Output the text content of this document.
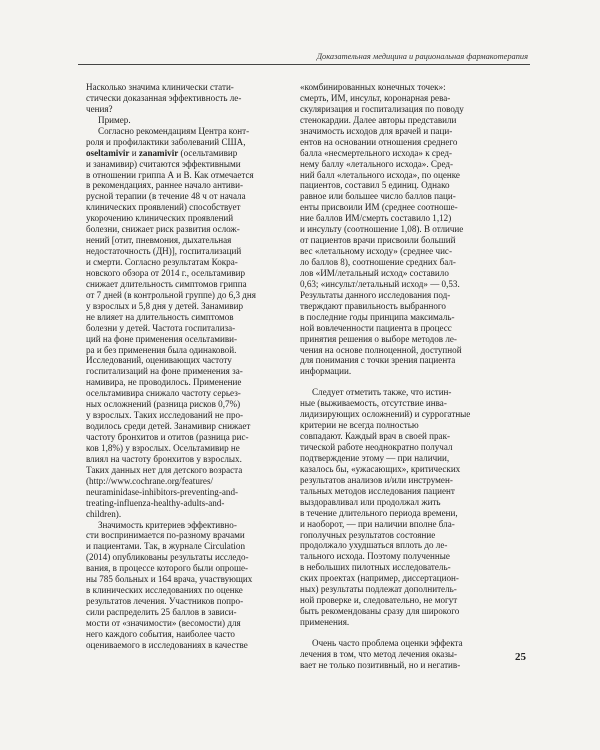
Доказательная медицина и рациональная фармакотерапия
Насколько значима клинически стати-
стически доказанная эффективность ле-
чения?
Пример.
Согласно рекомендациям Центра конт-
роля и профилактики заболеваний США,
oseltamivir и zanamivir (осельтамивир
и занамивир) считаются эффективными
в отношении гриппа А и В. Как отмечается
в рекомендациях, раннее начало антиви-
русной терапии (в течение 48 ч от начала
клинических проявлений) способствует
укорочению клинических проявлений
болезни, снижает риск развития ослож-
нений [отит, пневмония, дыхательная
недостаточность (ДН)], госпитализаций
и смерти. Согласно результатам Кокра-
новского обзора от 2014 г., осельтамивир
снижает длительность симптомов гриппа
от 7 дней (в контрольной группе) до 6,3 дня
у взрослых и 5,8 дня у детей. Занамивир
не влияет на длительность симптомов
болезни у детей. Частота госпитализа-
ций на фоне применения осельтамиви-
ра и без применения была одинаковой.
Исследований, оценивающих частоту
госпитализаций на фоне применения за-
намивира, не проводилось. Применение
осельтамивира снижало частоту серьез-
ных осложнений (разница рисков 0,7%)
у взрослых. Таких исследований не про-
водилось среди детей. Занамивир снижает
частоту бронхитов и отитов (разница рис-
ков 1,8%) у взрослых. Осельтамивир не
влиял на частоту бронхитов у взрослых.
Таких данных нет для детского возраста
(http://www.cochrane.org/features/
neuraminidase-inhibitors-preventing-and-
treating-influenza-healthy-adults-and-
children).
Значимость критериев эффективно-
сти воспринимается по-разному врачами
и пациентами. Так, в журнале Circulation
(2014) опубликованы результаты исследо-
вания, в процессе которого были опроше-
ны 785 больных и 164 врача, участвующих
в клинических исследованиях по оценке
результатов лечения. Участников попро-
сили распределить 25 баллов в зависи-
мости от «значимости» (весомости) для
него каждого события, наиболее часто
оцениваемого в исследованиях в качестве
«комбинированных конечных точек»:
смерть, ИМ, инсульт, коронарная рева-
скуляризация и госпитализация по поводу
стенокардии. Далее авторы представили
значимость исходов для врачей и паци-
ентов на основании отношения среднего
балла «несмертельного исхода» к сред-
нему баллу «летального исхода». Сред-
ний балл «летального исхода», по оценке
пациентов, составил 5 единиц. Однако
равное или большее число баллов паци-
енты присвоили ИМ (среднее соотноше-
ние баллов ИМ/смерть составило 1,12)
и инсульту (соотношение 1,08). В отличие
от пациентов врачи присвоили больший
вес «летальному исходу» (среднее чис-
ло баллов 8), соотношение средних бал-
лов «ИМ/летальный исход» составило
0,63; «инсульт/летальный исход» — 0,53.
Результаты данного исследования под-
тверждают правильность выбранного
в последние годы принципа максималь-
ной вовлеченности пациента в процесс
принятия решения о выборе методов ле-
чения на основе полноценной, доступной
для понимания с точки зрения пациента
информации.
Следует отметить также, что истин-
ные (выживаемость, отсутствие инва-
лидизирующих осложнений) и суррогатные
критерии не всегда полностью
совпадают. Каждый врач в своей прак-
тической работе неоднократно получал
подтверждение этому — при наличии,
казалось бы, «ужасающих», критических
результатов анализов и/или инструмен-
тальных методов исследования пациент
выздоравливал или продолжал жить
в течение длительного периода времени,
и наоборот, — при наличии вполне бла-
гополучных результатов состояние
продолжало ухудшаться вплоть до ле-
тального исхода. Поэтому полученные
в небольших пилотных исследователь-
ских проектах (например, диссертацион-
ных) результаты подлежат дополнитель-
ной проверке и, следовательно, не могут
быть рекомендованы сразу для широкого
применения.
Очень часто проблема оценки эффекта
лечения в том, что метод лечения оказы-
вает не только позитивный, но и негатив-
25
